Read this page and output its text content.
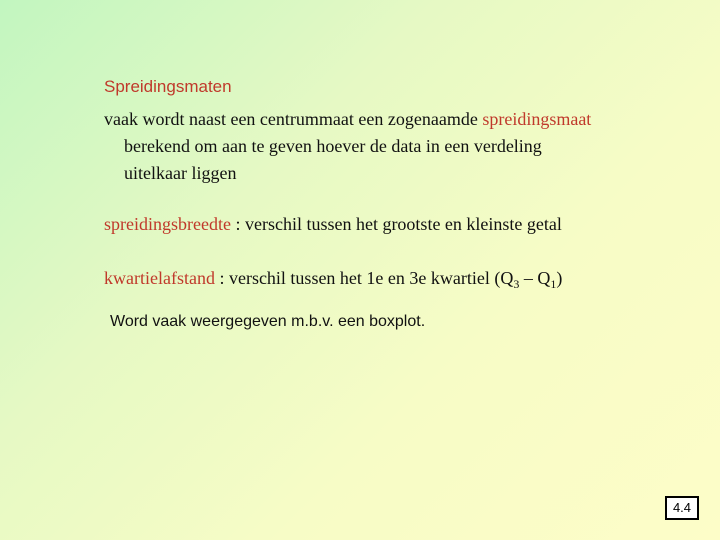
Spreidingsmaten
vaak wordt naast een centrummaat een zogenaamde spreidingsmaat
berekend om aan te geven hoever de data in een verdeling
uitelkaar liggen
spreidingsbreedte : verschil tussen het grootste en kleinste getal
kwartielafstand : verschil tussen het 1e en 3e kwartiel $(Q_3 - Q_1)$
Word vaak weergegeven m.b.v. een boxplot.
4.4
